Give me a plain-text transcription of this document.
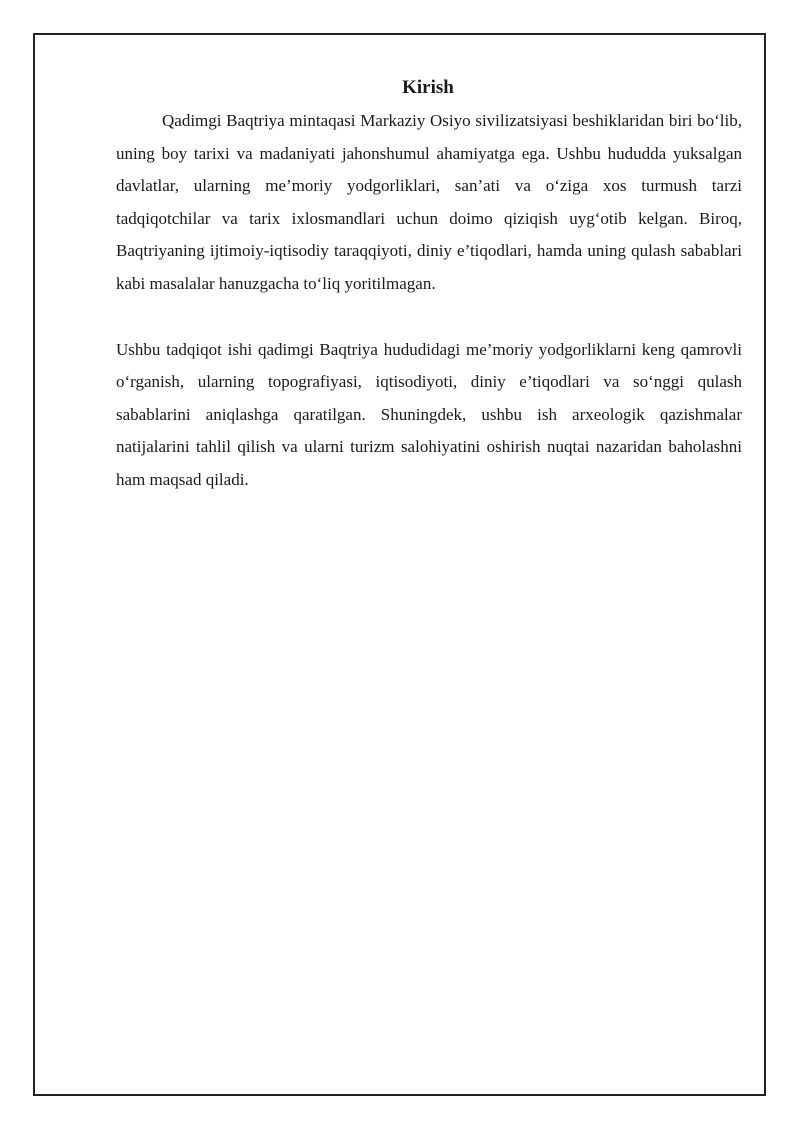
Kirish

Qadimgi Baqtriya mintaqasi Markaziy Osiyo sivilizatsiyasi beshiklaridan biri bo‘lib, uning boy tarixi va madaniyati jahonshumul ahamiyatga ega. Ushbu hududda yuksalgan davlatlar, ularning me’moriy yodgorliklari, san’ati va o‘ziga xos turmush tarzi tadqiqotchilar va tarix ixlosmandlari uchun doimo qiziqish uyg‘otib kelgan. Biroq, Baqtriyaning ijtimoiy-iqtisodiy taraqqiyoti, diniy e’tiqodlari, hamda uning qulash sabablari kabi masalalar hanuzgacha to‘liq yoritilmagan.

Ushbu tadqiqot ishi qadimgi Baqtriya hududidagi me’moriy yodgorliklarni keng qamrovli o‘rganish, ularning topografiyasi, iqtisodiyoti, diniy e’tiqodlari va so‘nggi qulash sabablarini aniqlashga qaratilgan. Shuningdek, ushbu ish arxeologik qazishmalar natijalarini tahlil qilish va ularni turizm salohiyatini oshirish nuqtai nazaridan baholashni ham maqsad qiladi.
